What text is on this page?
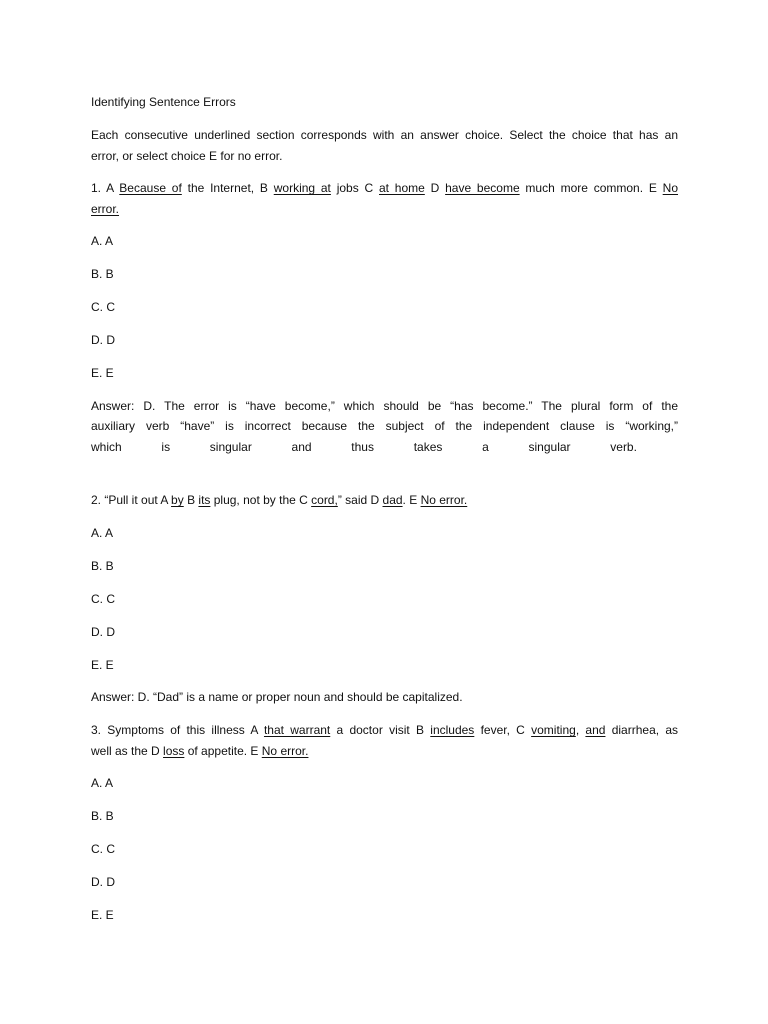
Identifying Sentence Errors
Each consecutive underlined section corresponds with an answer choice. Select the choice that has an
error, or select choice E for no error.
1. A Because of the Internet, B working at jobs C at home D have become much more common. E No
error.
A. A
B. B
C. C
D. D
E. E
Answer: D. The error is “have become,” which should be “has become.” The plural form of the
auxiliary verb “have” is incorrect because the subject of the independent clause is “working,”
which	is	singular	and	thus	takes	a	singular	verb.
2. “Pull it out A by B its plug, not by the C cord,” said D dad. E No error.
A. A
B. B
C. C
D. D
E. E
Answer: D. “Dad” is a name or proper noun and should be capitalized.
3. Symptoms of this illness A that warrant a doctor visit B includes fever, C vomiting, and diarrhea, as
well as the D loss of appetite. E No error.
A. A
B. B
C. C
D. D
E. E
